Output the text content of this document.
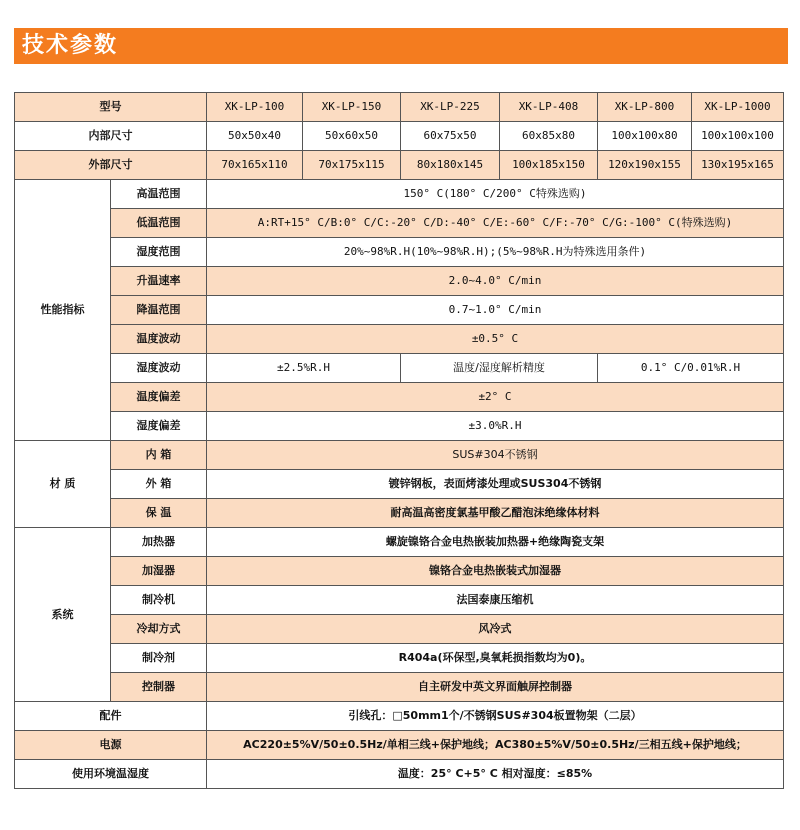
技术参数
型号		XK-LP-100	XK-LP-150	XK-LP-225	XK-LP-408	XK-LP-800	XK-LP-1000
内部尺寸		50x50x40	50x60x50	60x75x50	60x85x80	100x100x80	100x100x100
外部尺寸		70x165x110	70x175x115	80x180x145	100x185x150	120x190x155	130x195x165
性能指标	高温范围	150° C(180° C/200° C特殊选购)					
	低温范围	A:RT+15° C/B:0° C/C:-20° C/D:-40° C/E:-60° C/F:-70° C/G:-100° C(特殊选购)					
	湿度范围	20%~98%R.H(10%~98%R.H);(5%~98%R.H为特殊选用条件)					
	升温速率	2.0~4.0° C/min					
	降温范围	0.7~1.0° C/min					
	温度波动	±0.5° C					
	湿度波动	±2.5%R.H		温度/湿度解析精度		0.1° C/0.01%R.H	
	温度偏差	±2° C					
	湿度偏差	±3.0%R.H					
材 质	内 箱	SUS#304不锈钢					
	外 箱	镀锌钢板，表面烤漆处理或SUS304不锈钢					
	保 温	耐高温高密度氯基甲酸乙醋泡沫绝缘体材料					
系统	加热器	螺旋镍铬合金电热嵌装加热器+绝缘陶瓷支架					
	加湿器	镍铬合金电热嵌装式加湿器					
	制冷机	法国泰康压缩机					
	冷却方式	风冷式					
	制冷剂	R404a(环保型,臭氧耗损指数均为0)。					
	控制器	自主研发中英文界面触屏控制器					
配件		引线孔：□50mm1个/不锈钢SUS#304板置物架（二层）					
电源		AC220±5%V/50±0.5Hz/单相三线+保护地线；AC380±5%V/50±0.5Hz/三相五线+保护地线；					
使用环境温湿度		温度：25° C+5° C 相对湿度：≤85%					
